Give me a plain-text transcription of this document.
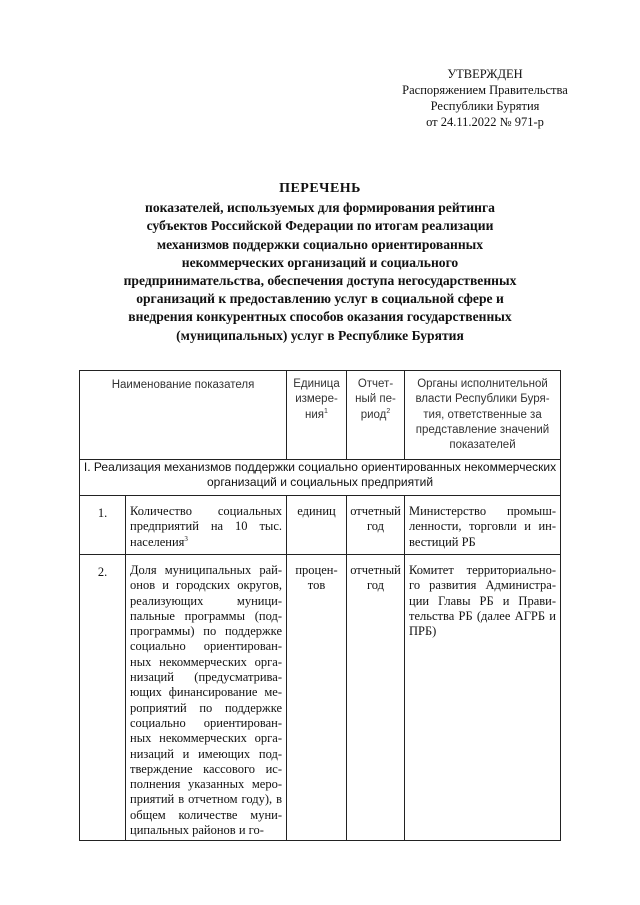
УТВЕРЖДЕН
Распоряжением Правительства
Республики Бурятия
от 24.11.2022 № 971-р
ПЕРЕЧЕНЬ
показателей, используемых для формирования рейтинга субъектов Российской Федерации по итогам реализации механизмов поддержки социально ориентированных некоммерческих организаций и социального предпринимательства, обеспечения доступа негосударственных организаций к предоставлению услуг в социальной сфере и внедрения конкурентных способов оказания государственных (муниципальных) услуг в Республике Бурятия
Наименование показателя		Единица измере-ния$^1$	Отчет-ный пе-риод$^2$	Органы исполнительной власти Республики Буря-тия, ответственные за представление значений показателей

I. Реализация механизмов поддержки социально ориентированных некоммерческих организаций и социальных предприятий				
1.	Количество социальных предприятий на 10 тыс. населения$^3$	единиц	отчетный год	Министерство промыш-ленности, торговли и ин-вестиций РБ
2.	Доля муниципальных рай-онов и городских округов, реализующих муници-пальные программы (под-программы) по поддержке социально ориентирован-ных некоммерческих орга-низаций (предусматрива-ющих финансирование ме-роприятий по поддержке социально ориентирован-ных некоммерческих орга-низаций и имеющих под-тверждение кассового ис-полнения указанных меро-приятий в отчетном году), в общем количестве муни-ципальных районов и го-	процен-тов	отчетный год	Комитет территориально-го развития Администра-ции Главы РБ и Прави-тельства РБ (далее АГРБ и ПРБ)
